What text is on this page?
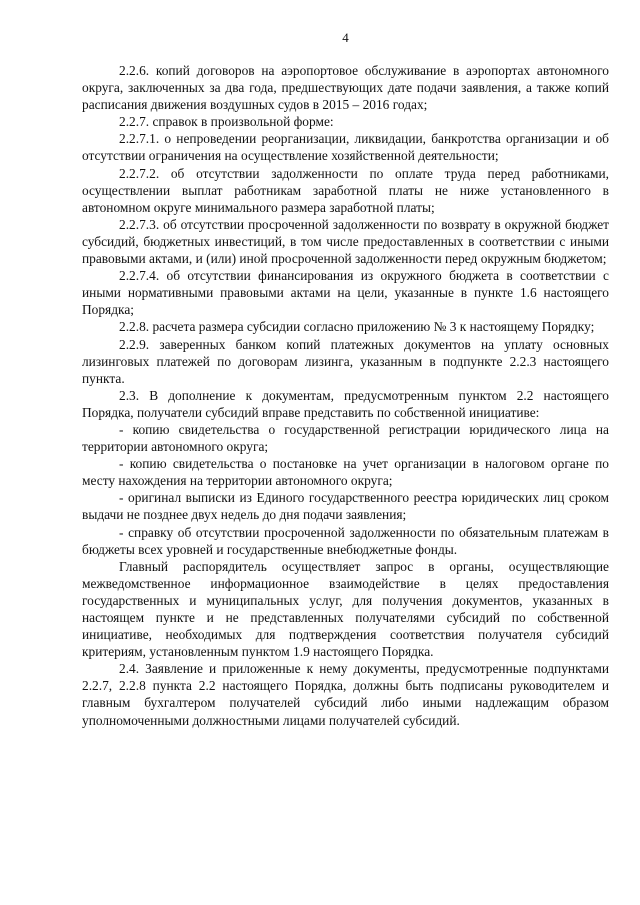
4

2.2.6. копий договоров на аэропортовое обслуживание в аэропортах автономного округа, заключенных за два года, предшествующих дате подачи заявления, а также копий расписания движения воздушных судов в 2015 – 2016 годах;

2.2.7. справок в произвольной форме:

2.2.7.1. о непроведении реорганизации, ликвидации, банкротства организации и об отсутствии ограничения на осуществление хозяйственной деятельности;

2.2.7.2. об отсутствии задолженности по оплате труда перед работниками, осуществлении выплат работникам заработной платы не ниже установленного в автономном округе минимального размера заработной платы;

2.2.7.3. об отсутствии просроченной задолженности по возврату в окружной бюджет субсидий, бюджетных инвестиций, в том числе предоставленных в соответствии с иными правовыми актами, и (или) иной просроченной задолженности перед окружным бюджетом;

2.2.7.4. об отсутствии финансирования из окружного бюджета в соответствии с иными нормативными правовыми актами на цели, указанные в пункте 1.6 настоящего Порядка;

2.2.8. расчета размера субсидии согласно приложению № 3 к настоящему Порядку;

2.2.9. заверенных банком копий платежных документов на уплату основных лизинговых платежей по договорам лизинга, указанным в подпункте 2.2.3 настоящего пункта.

2.3. В дополнение к документам, предусмотренным пунктом 2.2 настоящего Порядка, получатели субсидий вправе представить по собственной инициативе:

- копию свидетельства о государственной регистрации юридического лица на территории автономного округа;

- копию свидетельства о постановке на учет организации в налоговом органе по месту нахождения на территории автономного округа;

- оригинал выписки из Единого государственного реестра юридических лиц сроком выдачи не позднее двух недель до дня подачи заявления;

- справку об отсутствии просроченной задолженности по обязательным платежам в бюджеты всех уровней и государственные внебюджетные фонды.

Главный распорядитель осуществляет запрос в органы, осуществляющие межведомственное информационное взаимодействие в целях предоставления государственных и муниципальных услуг, для получения документов, указанных в настоящем пункте и не представленных получателями субсидий по собственной инициативе, необходимых для подтверждения соответствия получателя субсидий критериям, установленным пунктом 1.9 настоящего Порядка.

2.4. Заявление и приложенные к нему документы, предусмотренные подпунктами 2.2.7, 2.2.8 пункта 2.2 настоящего Порядка, должны быть подписаны руководителем и главным бухгалтером получателей субсидий либо иными надлежащим образом уполномоченными должностными лицами получателей субсидий.
